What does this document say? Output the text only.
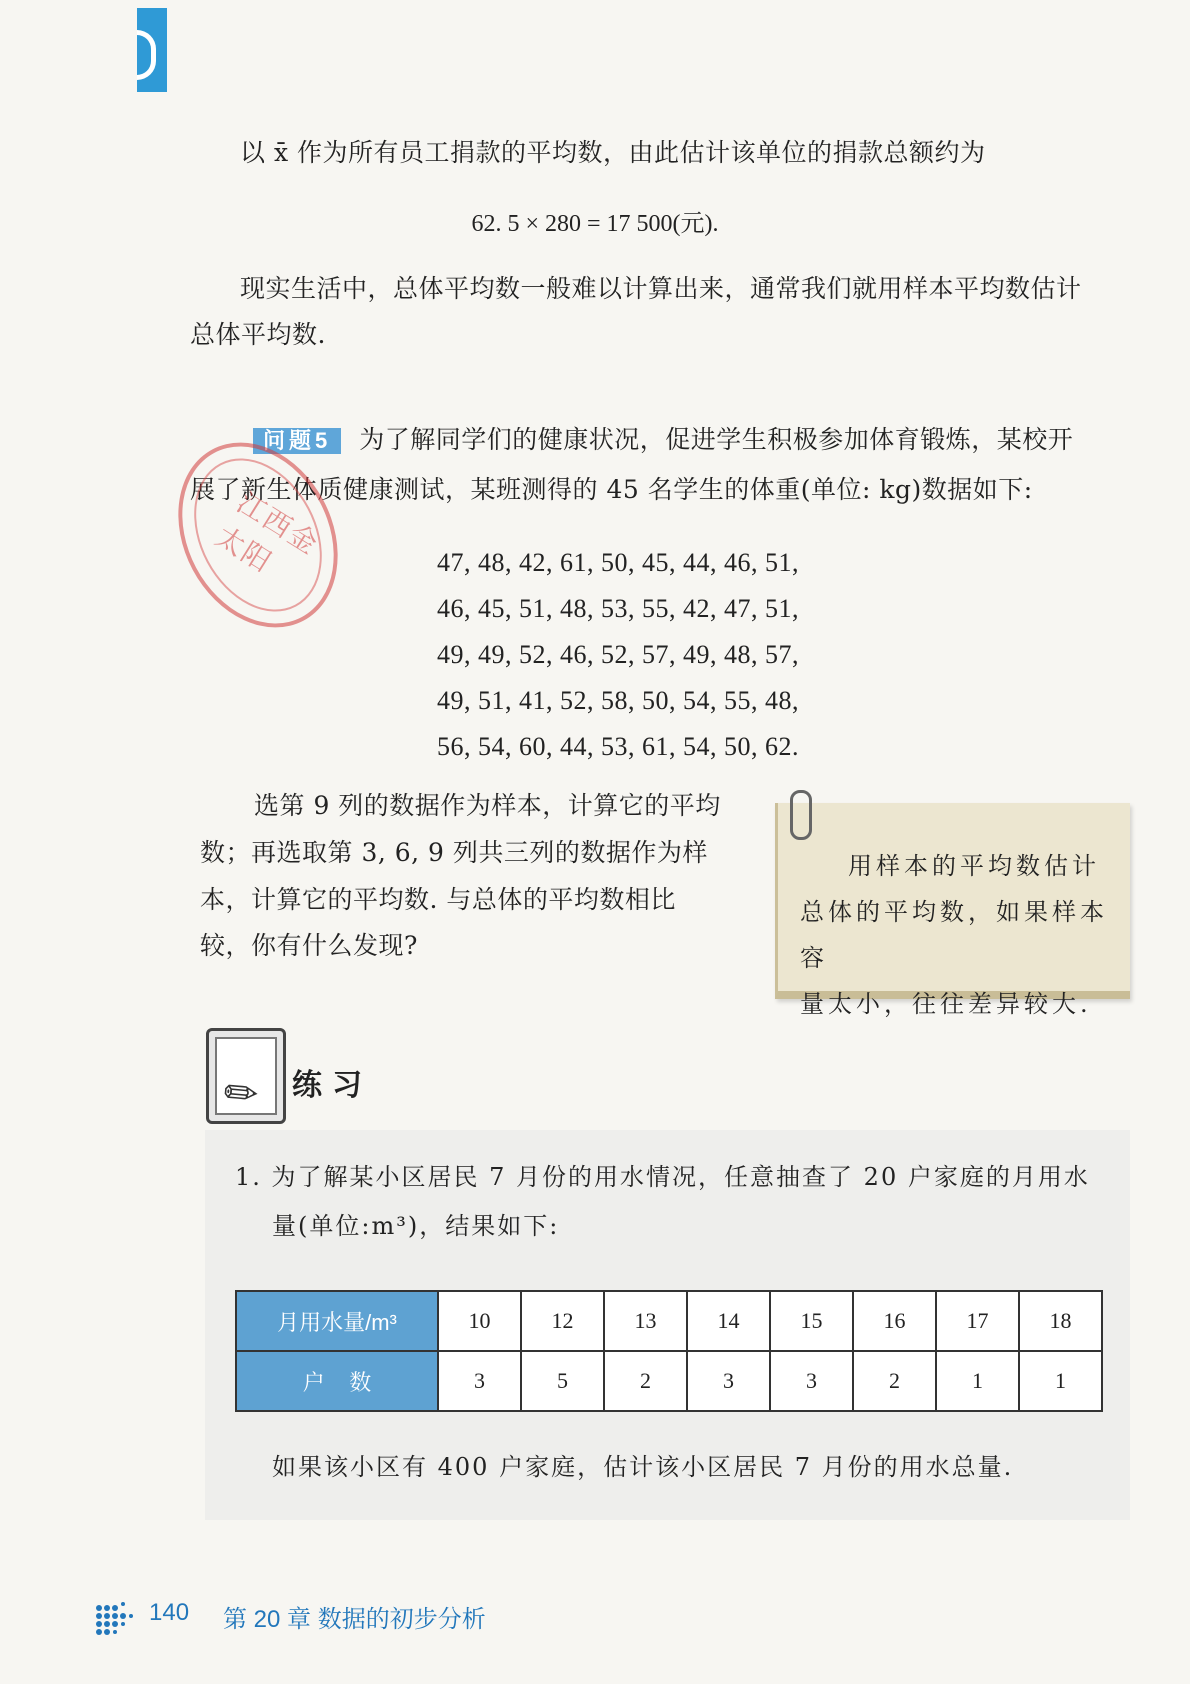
以 x̄ 作为所有员工捐款的平均数，由此估计该单位的捐款总额约为
62. 5 × 280 = 17 500(元).
现实生活中，总体平均数一般难以计算出来，通常我们就用样本平均数估计
总体平均数.
问题5 为了解同学们的健康状况，促进学生积极参加体育锻炼，某校开
展了新生体质健康测试，某班测得的 45 名学生的体重(单位: kg)数据如下:
江西金太阳	47, 48, 42, 61, 50, 45, 44, 46, 51,
46, 45, 51, 48, 53, 55, 42, 47, 51,
49, 49, 52, 46, 52, 57, 49, 48, 57,
49, 51, 41, 52, 58, 50, 54, 55, 48,
56, 54, 60, 44, 53, 61, 54, 50, 62.
选第 9 列的数据作为样本，计算它的平均
数；再选取第 3, 6, 9 列共三列的数据作为样
本，计算它的平均数. 与总体的平均数相比
较，你有什么发现?
用样本的平均数估计
总体的平均数，如果样本容
量太小，往往差异较大.
✎ 练习
1. 为了解某小区居民 7 月份的用水情况，任意抽查了 20 户家庭的月用水
量(单位:m³)，结果如下:
月用水量/m³	10	12	13	14	15	16	17	18
户    数	3	5	2	3	3	2	1	1
如果该小区有 400 户家庭，估计该小区居民 7 月份的用水总量.
140 第 20 章 数据的初步分析
